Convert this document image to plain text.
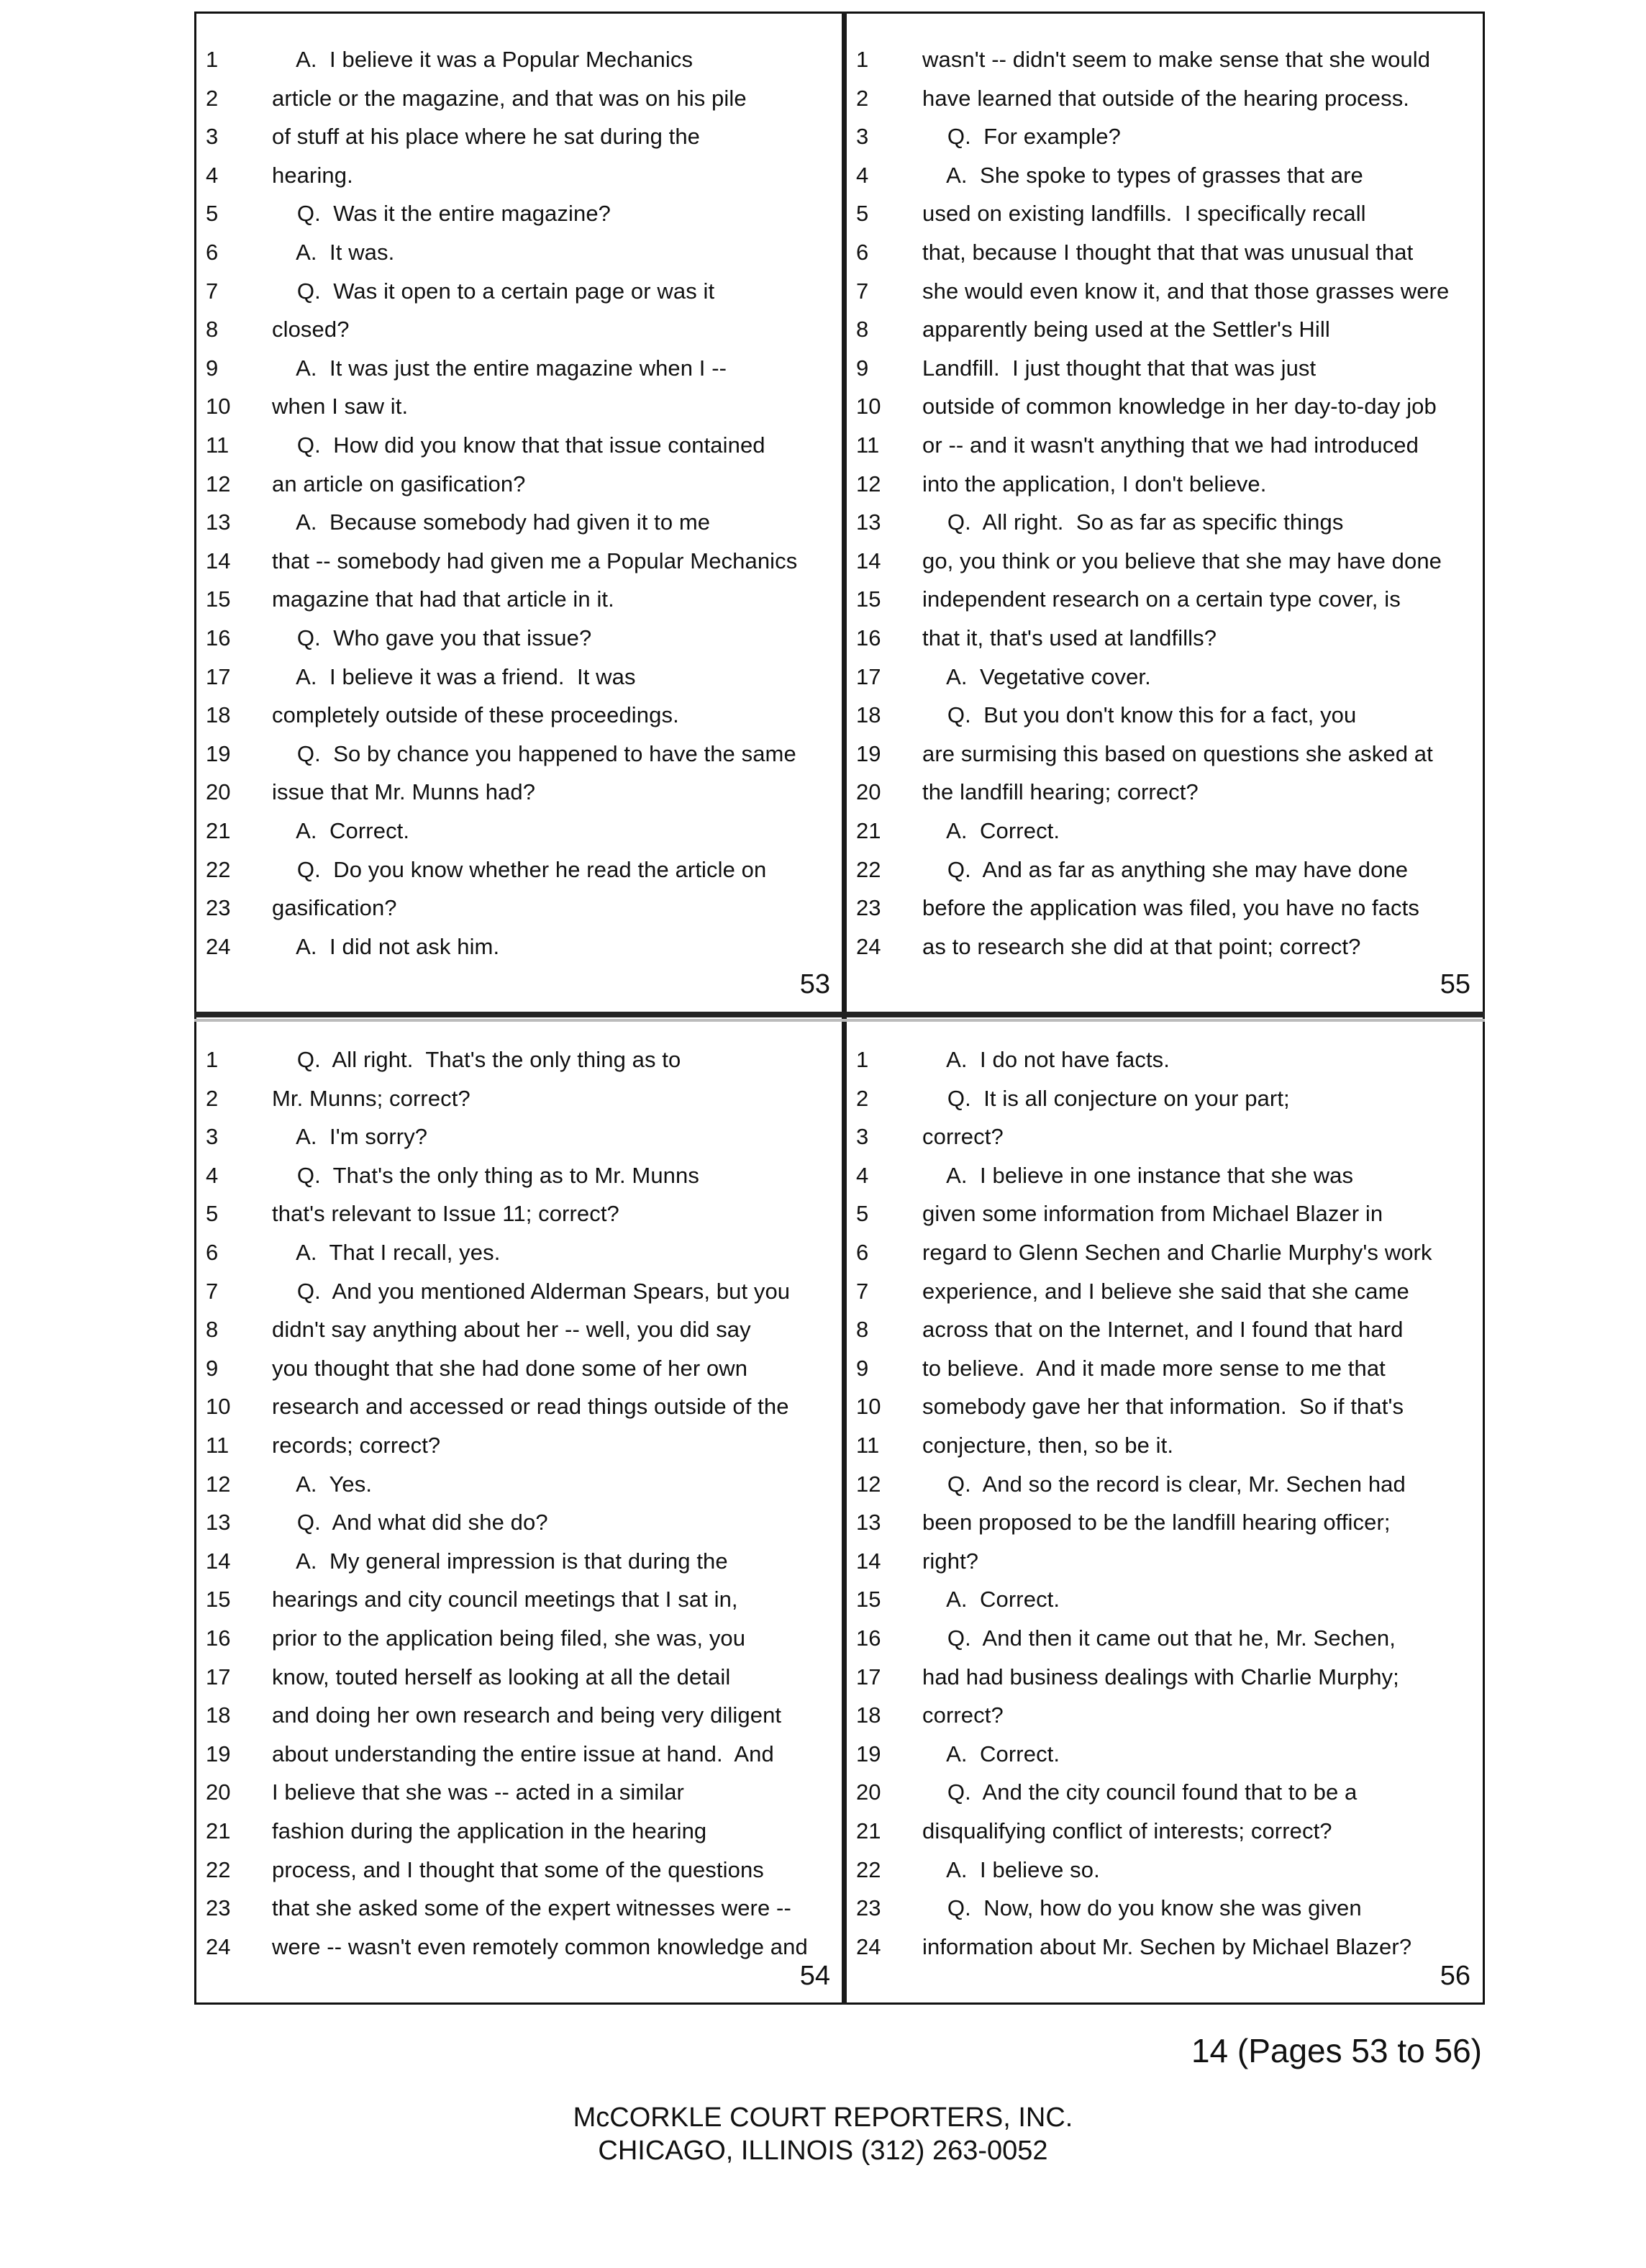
1	A.  I believe it was a Popular Mechanics
2	article or the magazine, and that was on his pile
3	of stuff at his place where he sat during the
4	hearing.
5	Q.  Was it the entire magazine?
6	A.  It was.
7	Q.  Was it open to a certain page or was it
8	closed?
9	A.  It was just the entire magazine when I --
10	when I saw it.
11	Q.  How did you know that that issue contained
12	an article on gasification?
13	A.  Because somebody had given it to me
14	that -- somebody had given me a Popular Mechanics
15	magazine that had that article in it.
16	Q.  Who gave you that issue?
17	A.  I believe it was a friend.  It was
18	completely outside of these proceedings.
19	Q.  So by chance you happened to have the same
20	issue that Mr. Munns had?
21	A.  Correct.
22	Q.  Do you know whether he read the article on
23	gasification?
24	A.  I did not ask him.
1	wasn't -- didn't seem to make sense that she would
2	have learned that outside of the hearing process.
3	Q.  For example?
4	A.  She spoke to types of grasses that are
5	used on existing landfills.  I specifically recall
6	that, because I thought that that was unusual that
7	she would even know it, and that those grasses were
8	apparently being used at the Settler's Hill
9	Landfill.  I just thought that that was just
10	outside of common knowledge in her day-to-day job
11	or -- and it wasn't anything that we had introduced
12	into the application, I don't believe.
13	Q.  All right.  So as far as specific things
14	go, you think or you believe that she may have done
15	independent research on a certain type cover, is
16	that it, that's used at landfills?
17	A.  Vegetative cover.
18	Q.  But you don't know this for a fact, you
19	are surmising this based on questions she asked at
20	the landfill hearing; correct?
21	A.  Correct.
22	Q.  And as far as anything she may have done
23	before the application was filed, you have no facts
24	as to research she did at that point; correct?
1	Q.  All right.  That's the only thing as to
2	Mr. Munns; correct?
3	A.  I'm sorry?
4	Q.  That's the only thing as to Mr. Munns
5	that's relevant to Issue 11; correct?
6	A.  That I recall, yes.
7	Q.  And you mentioned Alderman Spears, but you
8	didn't say anything about her -- well, you did say
9	you thought that she had done some of her own
10	research and accessed or read things outside of the
11	records; correct?
12	A.  Yes.
13	Q.  And what did she do?
14	A.  My general impression is that during the
15	hearings and city council meetings that I sat in,
16	prior to the application being filed, she was, you
17	know, touted herself as looking at all the detail
18	and doing her own research and being very diligent
19	about understanding the entire issue at hand.  And
20	I believe that she was -- acted in a similar
21	fashion during the application in the hearing
22	process, and I thought that some of the questions
23	that she asked some of the expert witnesses were --
24	were -- wasn't even remotely common knowledge and
1	A.  I do not have facts.
2	Q.  It is all conjecture on your part;
3	correct?
4	A.  I believe in one instance that she was
5	given some information from Michael Blazer in
6	regard to Glenn Sechen and Charlie Murphy's work
7	experience, and I believe she said that she came
8	across that on the Internet, and I found that hard
9	to believe.  And it made more sense to me that
10	somebody gave her that information.  So if that's
11	conjecture, then, so be it.
12	Q.  And so the record is clear, Mr. Sechen had
13	been proposed to be the landfill hearing officer;
14	right?
15	A.  Correct.
16	Q.  And then it came out that he, Mr. Sechen,
17	had had business dealings with Charlie Murphy;
18	correct?
19	A.  Correct.
20	Q.  And the city council found that to be a
21	disqualifying conflict of interests; correct?
22	A.  I believe so.
23	Q.  Now, how do you know she was given
24	information about Mr. Sechen by Michael Blazer?
53	55
54	56
14 (Pages 53 to 56)
McCORKLE COURT REPORTERS, INC.
CHICAGO, ILLINOIS (312) 263-0052
